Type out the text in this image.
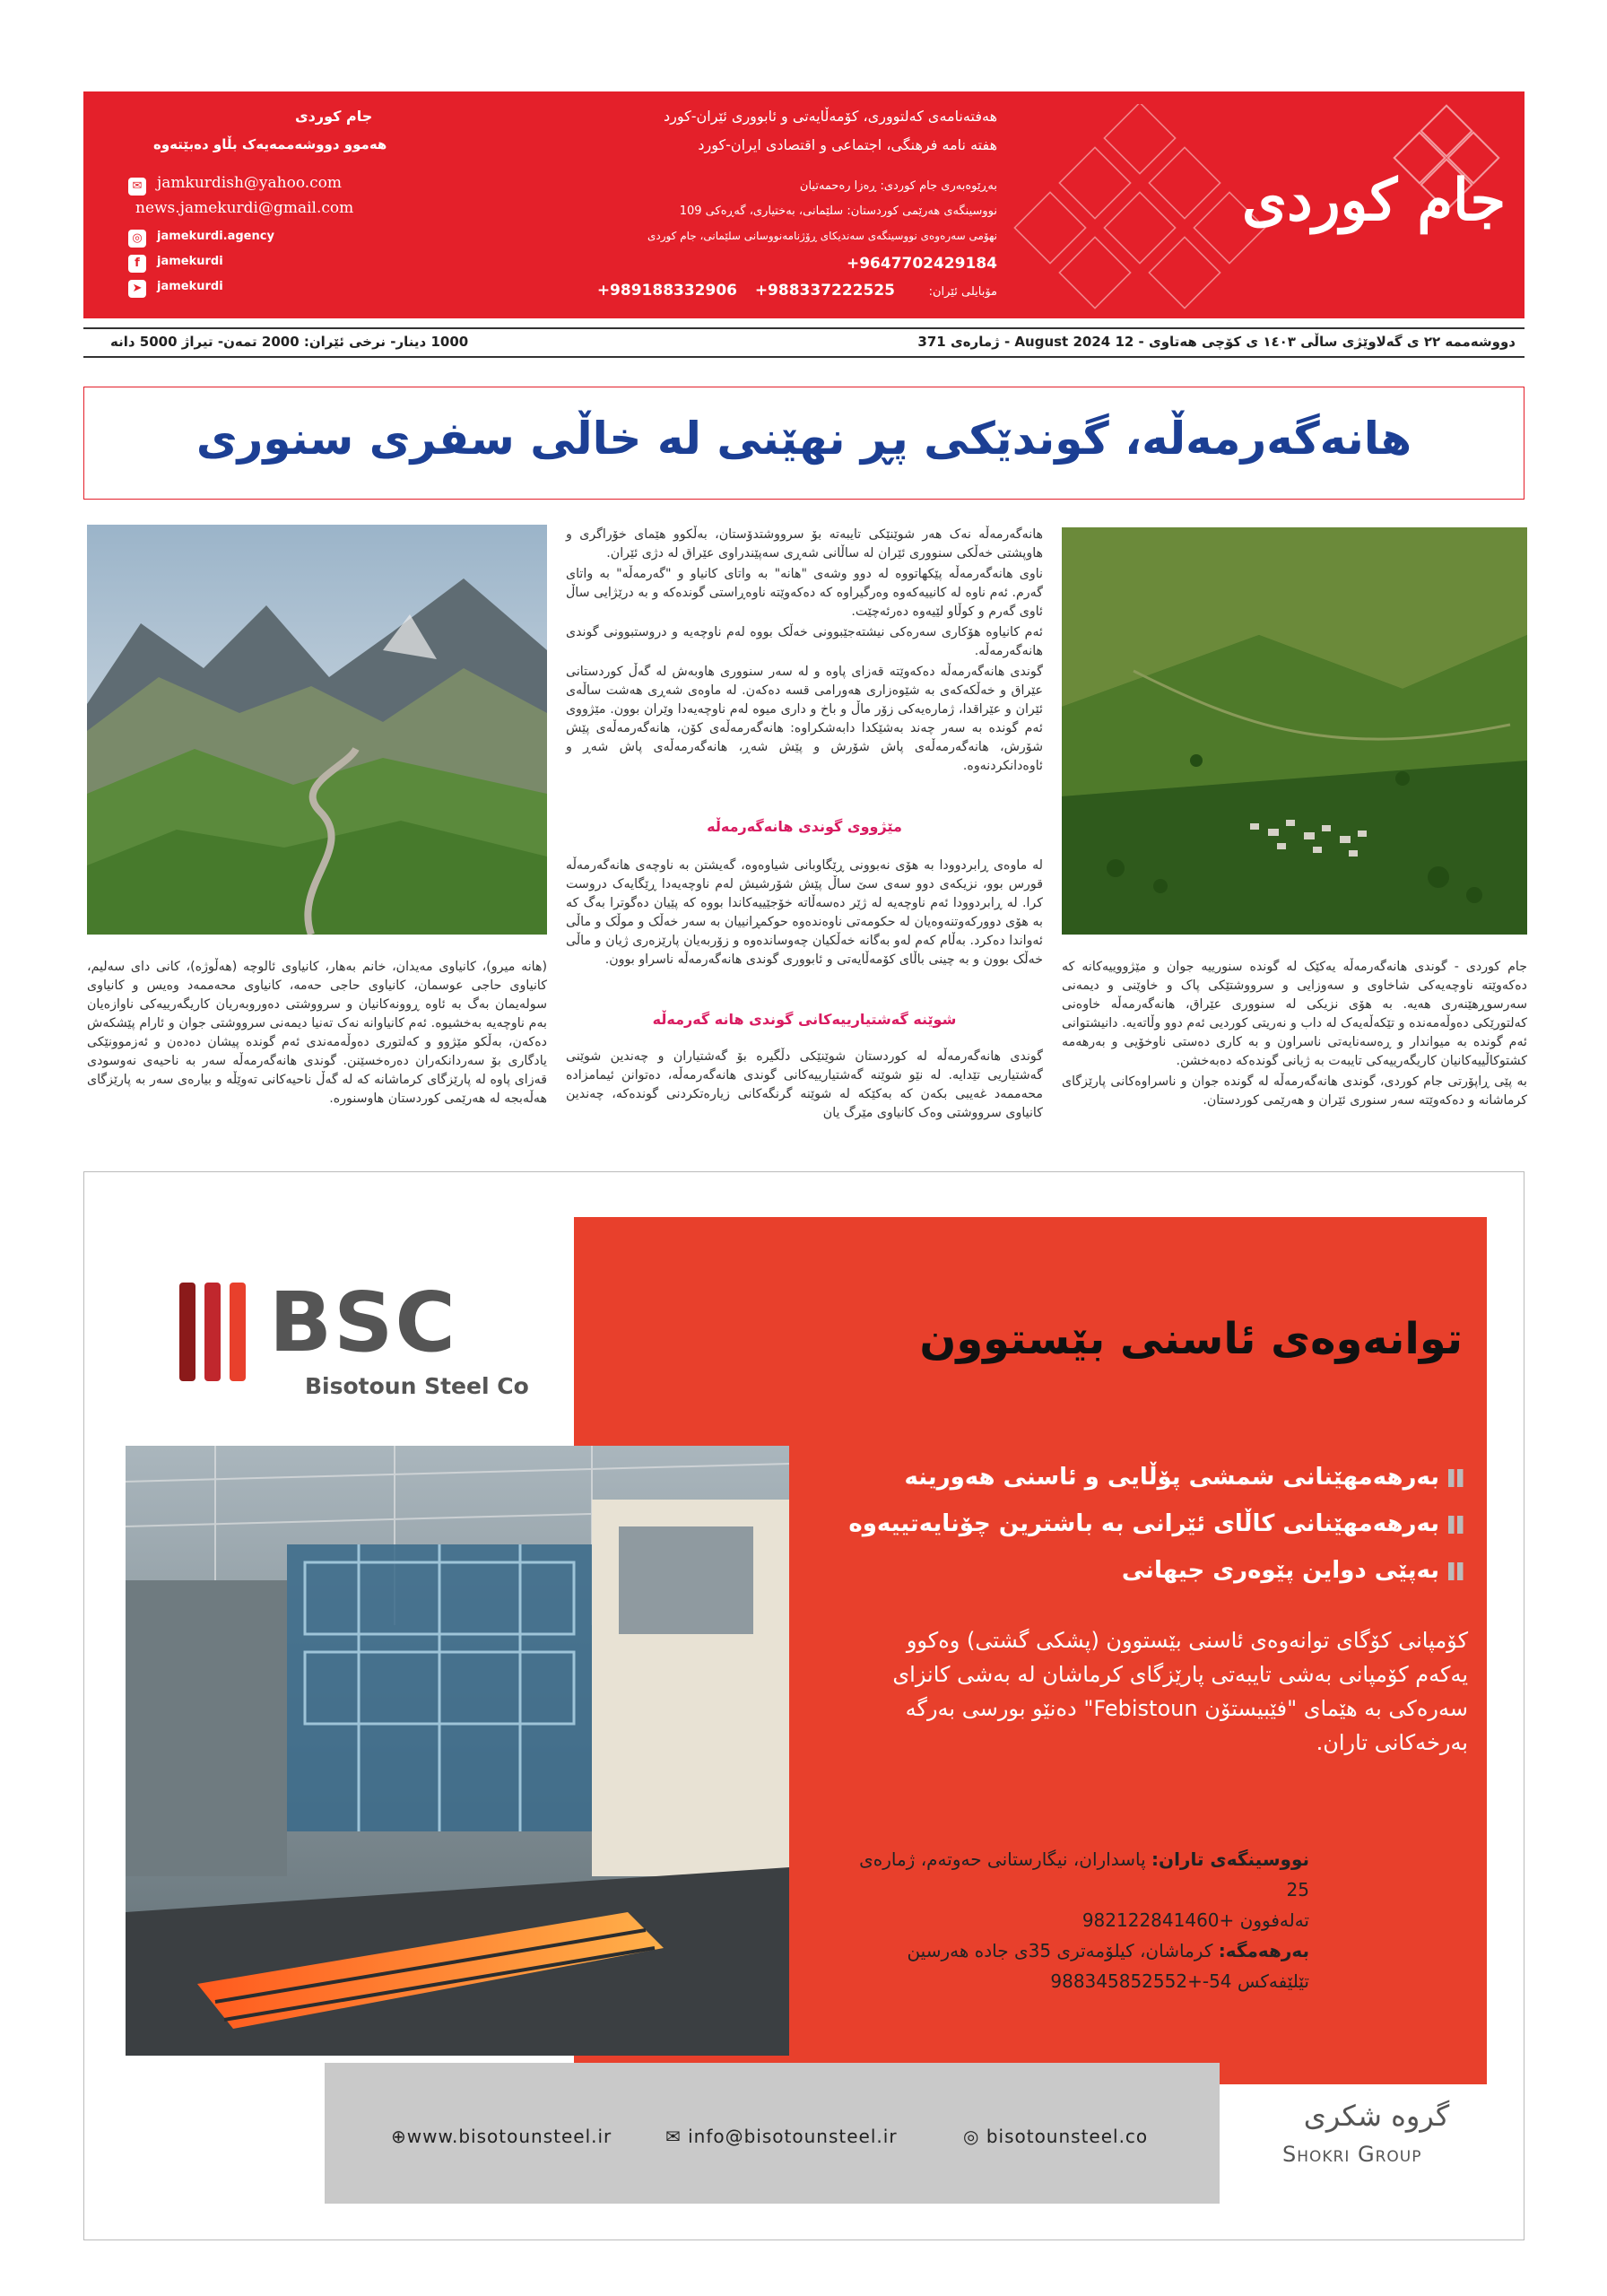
جام کوردی
هەفتەنامەی کەلتووری، کۆمەڵایەتی و ئابووری ئێران-کورد
هفته نامه فرهنگی، اجتماعی و اقتصادی ایران-کورد
بەڕێوەبەری جام کوردی: ڕەزا رەحمەتیان
نووسینگەی هەرێمی کوردستان: سلێمانی، بەختیاری، گەڕەکی 109
نهۆمی سەرەوەی نووسینگەی سەندیکای ڕۆژنامەنووسانی سلێمانی، جام کوردی
+9647702429184
مۆبایلی ئێران:
+988337222525
+989188332906
جام کوردی
هەموو دووشەممەیەک بڵاو دەبێتەوە
✉ jamkurdish@yahoo.com
news.jamekurdi@gmail.com
◎	jamekurdi.agency
f	jamekurdi
➤	jamekurdi
دووشەممە ٢٢ ی گەلاوێژی ساڵی ١٤٠٣ ی کۆچی هەتاوی - 12 August 2024 - ژمارەی 371
1000 دینار- نرخی ئێران: 2000 تمەن- تیراژ 5000 دانە
هانەگەرمەڵە، گوندێکی پڕ نهێنی لە خاڵی سفری سنوری

هانەگەرمەڵە نەک هەر شوێنێکی تایبەتە بۆ سرووشتدۆستان، بەڵکوو هێمای خۆراگری و هاوپشتی خەڵکی سنووری ئێران لە ساڵانی شەڕی سەپێندراوی عێراق لە دژی ئێران.

ناوی هانەگەرمەڵە پێکهاتووە لە دوو وشەی "هانە" بە واتای کانیاو و "گەرمەڵە" بە واتای گەرم. ئەم ناوە لە کانییەکەوە وەرگیراوە کە دەکەوێتە ناوەڕاستی گوندەکە و بە درێژایی ساڵ ئاوی گەرم و کوڵاو لێیەوە دەرئەچێت.

ئەم کانیاوە هۆکاری سەرەکی نیشتەجێبوونی خەڵک بووە لەم ناوچەیە و دروستبوونی گوندی هانەگەرمەڵە.

گوندی هانەگەرمەڵە دەکەوێتە قەزای پاوە و لە سەر سنووری هاوبەش لە گەڵ کوردستانی عێراق و خەڵکەکەی بە شێوەزاری هەورامی قسە دەکەن. لە ماوەی شەڕی هەشت ساڵەی ئێران و عێراقدا، ژمارەیەکی زۆر ماڵ و باخ و داری میوە لەم ناوچەیەدا وێران بوون. مێژووی ئەم گوندە بە سەر چەند بەشێکدا دابەشکراوە: هانەگەرمەڵەی کۆن، هانەگەرمەڵەی پێش شۆرش، هانەگەرمەڵەی پاش شۆرش و پێش شەڕ، هانەگەرمەڵەی پاش شەڕ و ئاوەدانکردنەوە.

مێژووی گوندی هانەگەرمەڵە

لە ماوەی ڕابردوودا بە هۆی نەبوونی ڕێگاوبانی شیاوەوە، گەیشتن بە ناوچەی هانەگەرمەڵە قورس بوو، نزیکەی دوو سەی سێ ساڵ پێش شۆرشیش لەم ناوچەیەدا ڕێگایەک دروست کرا. لە ڕابردوودا ئەم ناوچەیە لە ژێر دەسەڵاتە خۆجێییەکاندا بووە کە پێیان دەگوترا بەگ کە بە هۆی دوورکەوتنەوەیان لە حکومەتی ناوەندەوە حوکمڕانییان بە سەر خەڵک و موڵک و ماڵی ئەواندا دەکرد. بەڵام کەم لەو بەگانە خەڵکیان چەوساندەوە و زۆربەیان پارێزەری ژیان و ماڵی خەڵک بوون و بە چینی باڵای کۆمەڵایەتی و ئابووری گوندی هانەگەرمەڵە ناسراو بوون.

شوێنە گەشتیارییەکانی گوندی هانە گەرمەڵە

گوندی هانەگەرمەڵە لە کوردستان شوێنێکی دڵگیرە بۆ گەشتیاران و چەندین شوێنی گەشتیاریی تێدایە. لە نێو شوێنە گەشتیارییەکانی گوندی هانەگەرمەڵە، دەتوانن ئیمامزادە محەممەد غەیبی بکەن کە بەکێکە لە شوێنە گرنگەکانی زیارەتکردنی گوندەکە، چەندین کانیاوی سرووشتی وەک کانیاوی مێرگ یان

(هانە میرو)، کانیاوی مەیدان، خانم بەهار، کانیاوی ئالوچە (هەڵوژە)، کانی دای سەلیم، کانیاوی حاجی عوسمان، کانیاوی حاجی حەمە، کانیاوی محەممەد وەیس و کانیاوی سولەیمان بەگ بە ئاوە ڕوونەکانیان و سرووشتی دەوروبەریان کاریگەرییەکی ناوازەیان بەم ناوچەیە بەخشیوە. ئەم کانیاوانە نەک تەنیا دیمەنی سرووشتی جوان و ئارام پێشکەش دەکەن، بەڵکو مێژوو و کەلتوری دەوڵەمەندی ئەم گوندە پیشان دەدەن و ئەزموونێکی یادگاری بۆ سەردانکەران دەرەخسێنن. گوندی هانەگەرمەڵە سەر بە ناحیەی نەوسودی قەزای پاوە لە پارێزگای کرماشانە کە لە گەڵ ناحیەکانی تەوێڵە و بیارەی سەر بە پارێزگای هەڵەبجە لە هەرێمی کوردستان هاوسنورە.

جام کوردی - گوندی هانەگەرمەڵە یەکێک لە گوندە سنورییە جوان و مێژووییەکانە کە دەکەوێتە ناوچەیەکی شاخاوی و سەوزایی و سرووشتێکی پاک و خاوێنی و دیمەنی سەرسوڕهێنەری هەیە. بە هۆی نزیکی لە سنووری عێراق، هانەگەرمەڵە خاوەنی کەلتورێکی دەوڵەمەندە و تێکەڵەیەک لە داب و نەریتی کوردیی ئەم دوو وڵاتەیە. دانیشتوانی ئەم گوندە بە میواندار و ڕەسەنایەتی ناسراون و بە کاری دەستی ناوخۆیی و بەرهەمە کشتوکاڵییەکانیان کاریگەرییەکی تایبەت بە ژیانی گوندەکە دەبەخشن.

بە پێی ڕاپۆرتی جام کوردی، گوندی هانەگەرمەڵە لە گوندە جوان و ناسراوەکانی پارێزگای کرماشانە و دەکەوێتە سەر سنوری ئێران و هەرێمی کوردستان.

BSC
Bisotoun Steel Co
توانەوەی ئاسنی بێستوون
بەرهەمهێنانی شمشی پۆڵایی و ئاسنی هەورینە
بەرهەمهێنانی کاڵای ئێرانی بە باشترین چۆنایەتییەوە
بەپێی دواین پێوەری جیهانی
کۆمپانی کۆگای توانەوەی ئاسنی بێستوون (پشکی گشتی) وەکوو یەکەم کۆمپانی بەشی تایبەتی پارێزگای کرماشان لە بەشی کانزای سەرەکی بە هێمای "فێبیستۆن Febistoun" دەنێو بورسی بەرگە بەرخەکانی تاران.
نووسینگەی تاران: پاسداران، نیگارستانی حەوتەم، ژمارەی 25
تەلەفوون +982122841460
بەرهەمگە: کرماشان، کیلۆمەتری 35ی جادە هەرسین
تێلێفەکس 54-+988345852552
⊕www.bisotounsteel.ir	✉ info@bisotounsteel.ir	◎ bisotounsteel.co
گروه شکری
Shokri Group
